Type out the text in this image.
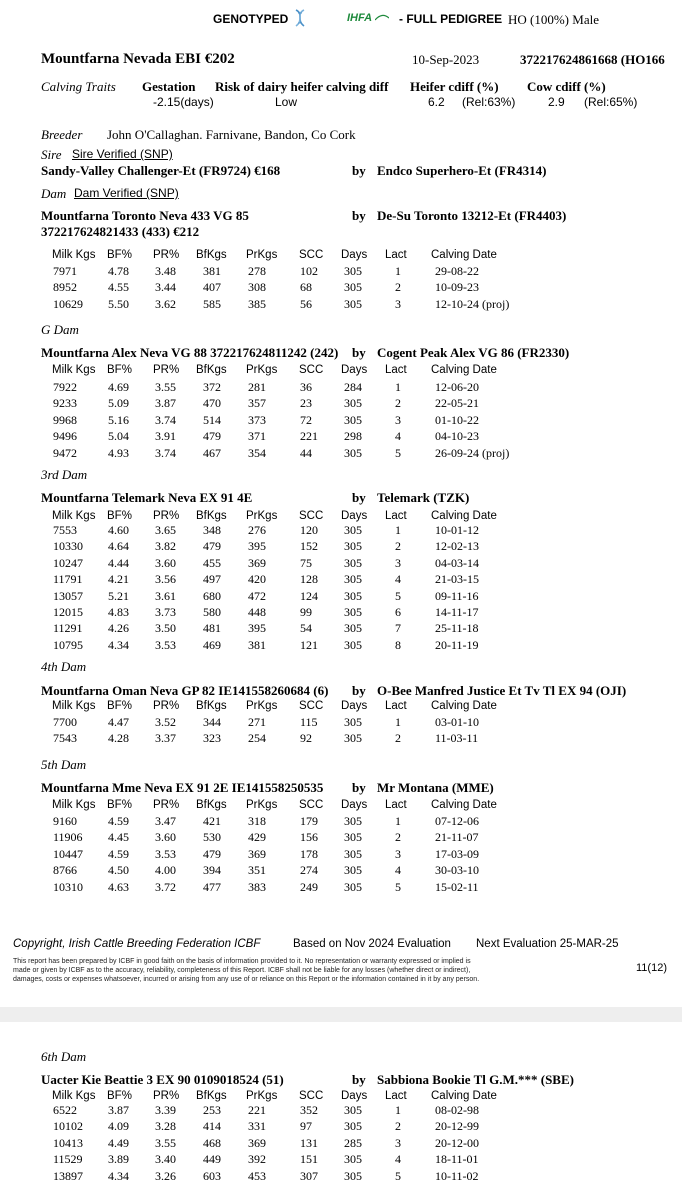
GENOTYPED	IHFA	- FULL PEDIGREE HO (100%) Male
Mountfarna Nevada EBI €202	10-Sep-2023	372217624861668 (HO166
Calving Traits Gestation Risk of dairy heifer calving diff Heifer cdiff (%) Cow cdiff (%)
-2.15(days)	Low	6.2 (Rel:63%)	2.9 (Rel:65%)
Breeder John O'Callaghan. Farnivane, Bandon, Co Cork
Sire Sire Verified (SNP)
Sandy-Valley Challenger-Et (FR9724) €168	by Endco Superhero-Et (FR4314)
Dam Dam Verified (SNP)
Mountfarna Toronto Neva 433 VG 85	by De-Su Toronto 13212-Et (FR4403)
372217624821433 (433) €212
Milk Kgs BF% PR% BfKgs PrKgs SCC Days Lact Calving Date
7971	4.78 3.48 381 278	102 305	1	29-08-22
8952	4.55 3.44 407 308	68	305	2	10-09-23
10629 5.50 3.62 585 385	56	305	3	12-10-24 (proj)
G Dam
Mountfarna Alex Neva VG 88 372217624811242 (242) by Cogent Peak Alex VG 86 (FR2330)
Milk Kgs BF% PR% BfKgs PrKgs SCC Days Lact Calving Date
7922	4.69 3.55 372 281	36	284	1	12-06-20
9233	5.09 3.87 470 357	23	305	2	22-05-21
9968	5.16 3.74 514 373	72	305	3	01-10-22
9496	5.04 3.91 479 371	221 298	4	04-10-23
9472	4.93 3.74 467 354	44	305	5	26-09-24 (proj)
3rd Dam
Mountfarna Telemark Neva EX 91 4E	by Telemark (TZK)
Milk Kgs BF% PR% BfKgs PrKgs SCC Days Lact Calving Date
7553	4.60 3.65 348 276	120 305	1	10-01-12
10330 4.64 3.82 479 395	152 305	2	12-02-13
10247 4.44 3.60 455 369	75	305	3	04-03-14
11791 4.21 3.56 497 420	128 305	4	21-03-15
13057 5.21 3.61 680 472	124 305	5	09-11-16
12015 4.83 3.73 580 448	99	305	6	14-11-17
11291 4.26 3.50 481 395	54	305	7	25-11-18
10795 4.34 3.53 469 381	121 305	8	20-11-19
4th Dam
Mountfarna Oman Neva GP 82 IE141558260684 (6) by O-Bee Manfred Justice Et Tv Tl EX 94 (OJI)
Milk Kgs BF% PR% BfKgs PrKgs SCC Days Lact Calving Date
7700	4.47 3.52 344 271	115 305	1	03-01-10
7543	4.28 3.37 323 254	92	305	2	11-03-11
5th Dam
Mountfarna Mme Neva EX 91 2E IE141558250535 by Mr Montana (MME)
Milk Kgs BF% PR% BfKgs PrKgs SCC Days Lact Calving Date
9160	4.59 3.47 421 318	179 305	1	07-12-06
11906 4.45 3.60 530 429	156 305	2	21-11-07
10447 4.59 3.53 479 369	178 305	3	17-03-09
8766	4.50 4.00 394 351	274 305	4	30-03-10
10310 4.63 3.72 477 383	249 305	5	15-02-11
Copyright, Irish Cattle Breeding Federation ICBF	Based on Nov 2024 Evaluation Next Evaluation 25-MAR-25
This report has been prepared by ICBF in good faith on the basis of information provided to it. No representation or warranty expressed or implied is
made or given by ICBF as to the accuracy, reliability, completeness of this Report. ICBF shall not be liable for any losses (whether direct or indirect),
damages, costs or expenses whatsoever, incurred or arising from any use of or reliance on this Report or the information contained in it by any person.
11(12)
6th Dam
Uacter Kie Beattie 3 EX 90 0109018524 (51)	by Sabbiona Bookie Tl G.M.*** (SBE)
Milk Kgs BF% PR% BfKgs PrKgs SCC Days Lact Calving Date
6522	3.87 3.39 253 221	352 305	1	08-02-98
10102 4.09 3.28 414 331	97	305	2	20-12-99
10413 4.49 3.55 468 369	131 285	3	20-12-00
11529 3.89 3.40 449 392	151 305	4	18-11-01
13897 4.34 3.26 603 453	307 305	5	10-11-02
